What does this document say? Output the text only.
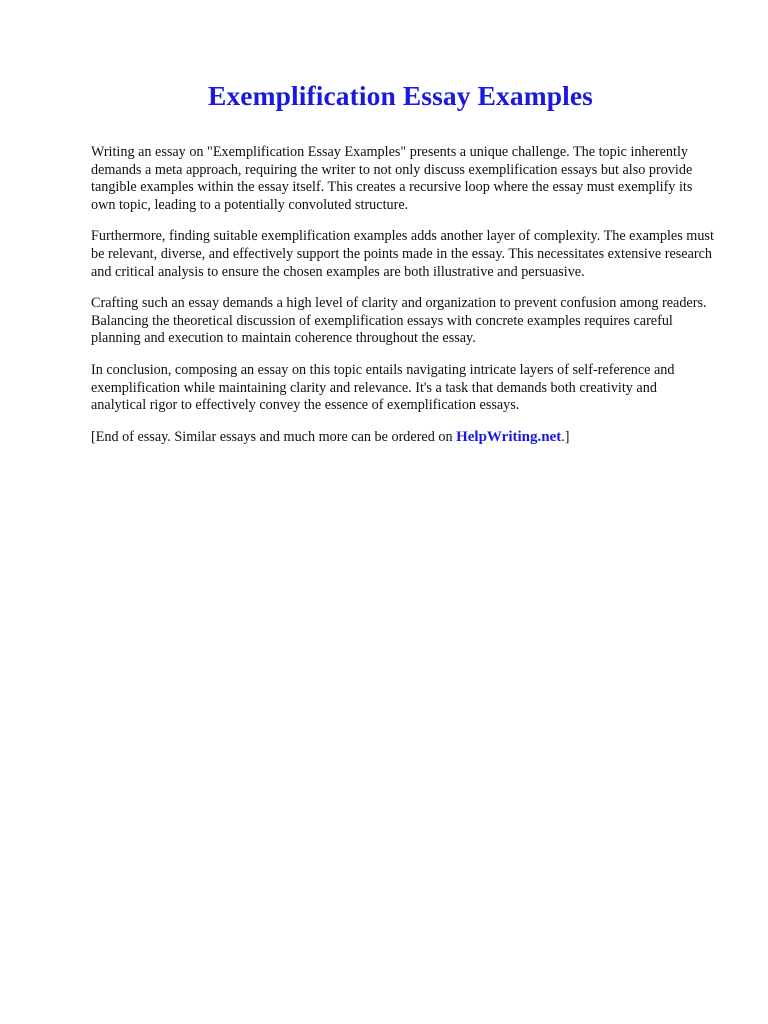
Exemplification Essay Examples

Writing an essay on "Exemplification Essay Examples" presents a unique challenge. The topic inherently demands a meta approach, requiring the writer to not only discuss exemplification essays but also provide tangible examples within the essay itself. This creates a recursive loop where the essay must exemplify its own topic, leading to a potentially convoluted structure.

Furthermore, finding suitable exemplification examples adds another layer of complexity. The examples must be relevant, diverse, and effectively support the points made in the essay. This necessitates extensive research and critical analysis to ensure the chosen examples are both illustrative and persuasive.

Crafting such an essay demands a high level of clarity and organization to prevent confusion among readers. Balancing the theoretical discussion of exemplification essays with concrete examples requires careful planning and execution to maintain coherence throughout the essay.

In conclusion, composing an essay on this topic entails navigating intricate layers of self-reference and exemplification while maintaining clarity and relevance. It's a task that demands both creativity and analytical rigor to effectively convey the essence of exemplification essays.

[End of essay. Similar essays and much more can be ordered on HelpWriting.net.]
